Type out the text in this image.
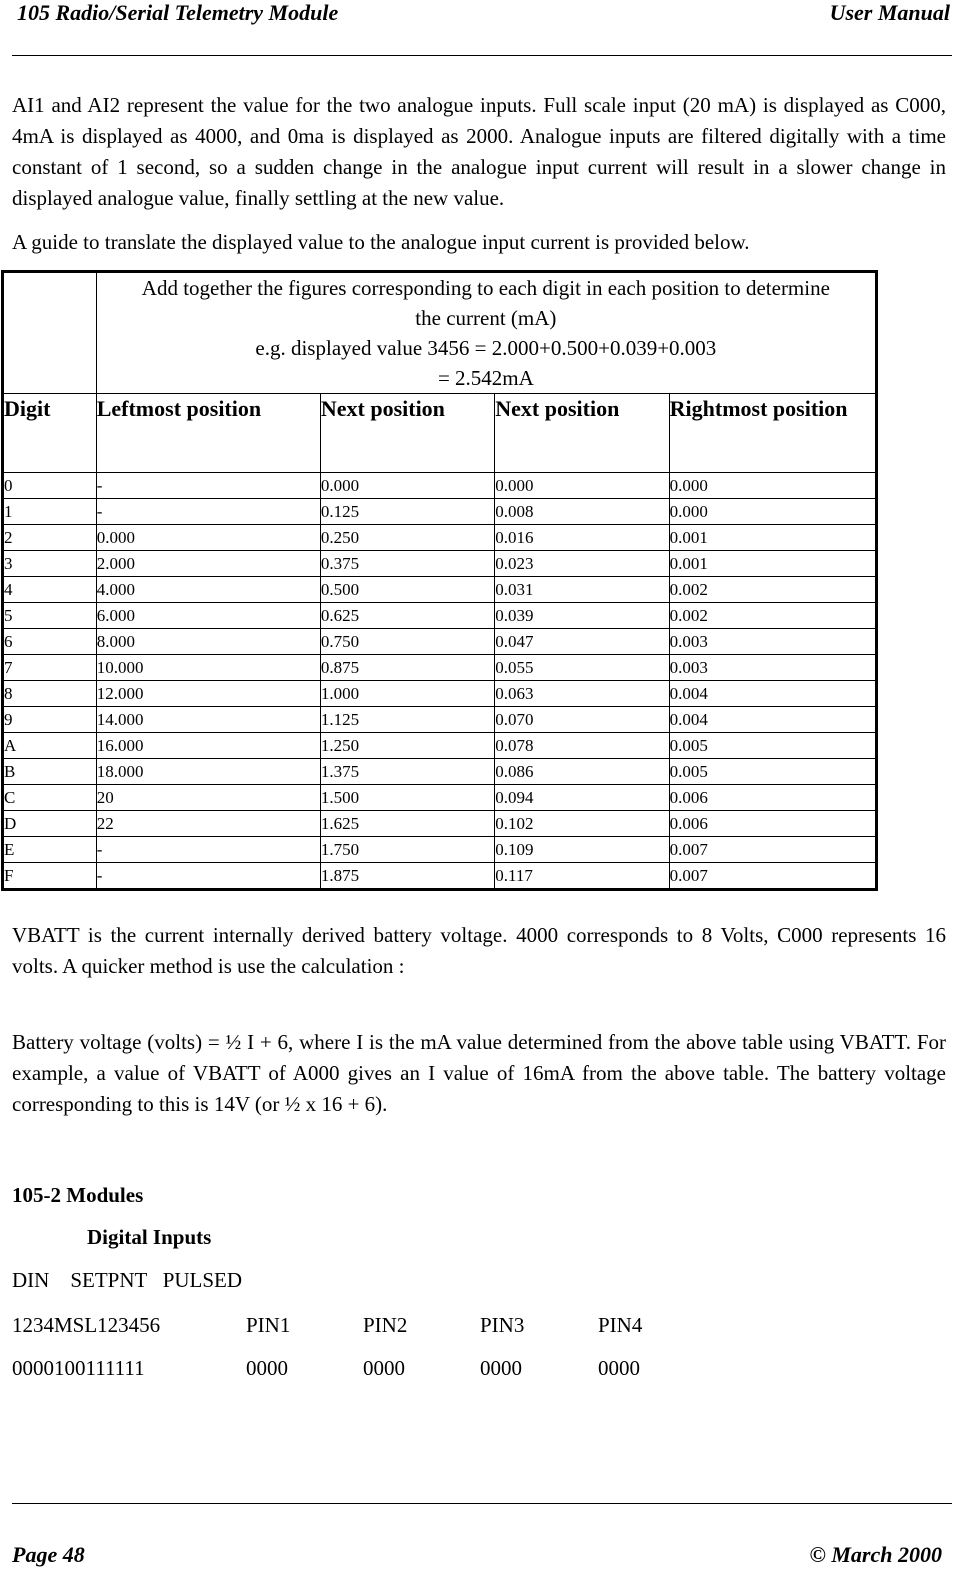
105 Radio/Serial Telemetry Module	User Manual

AI1 and AI2 represent the value for the two analogue inputs. Full scale input (20 mA) is displayed as C000, 4mA is displayed as 4000, and 0ma is displayed as 2000. Analogue inputs are filtered digitally with a time constant of 1 second, so a sudden change in the analogue input current will result in a slower change in displayed analogue value, finally settling at the new value.

A guide to translate the displayed value to the analogue input current is provided below.

	Add together the figures corresponding to each digit in each position to determine
the current (mA)
e.g. displayed value 3456 = 2.000+0.500+0.039+0.003
= 2.542mA			

Digit	Leftmost position	Next position	Next position	Rightmost position
0	-	0.000	0.000	0.000
1	-	0.125	0.008	0.000
2	0.000	0.250	0.016	0.001
3	2.000	0.375	0.023	0.001
4	4.000	0.500	0.031	0.002
5	6.000	0.625	0.039	0.002
6	8.000	0.750	0.047	0.003
7	10.000	0.875	0.055	0.003
8	12.000	1.000	0.063	0.004
9	14.000	1.125	0.070	0.004
A	16.000	1.250	0.078	0.005
B	18.000	1.375	0.086	0.005
C	20	1.500	0.094	0.006
D	22	1.625	0.102	0.006
E	-	1.750	0.109	0.007
F	-	1.875	0.117	0.007

VBATT is the current internally derived battery voltage. 4000 corresponds to 8 Volts, C000 represents 16 volts. A quicker method is use the calculation :

Battery voltage (volts) = ½ I + 6, where I is the mA value determined from the above table using VBATT. For example, a value of VBATT of A000 gives an I value of 16mA from the above table. The battery voltage corresponding to this is 14V (or ½ x 16 + 6).

105-2 Modules

Digital Inputs

DIN    SETPNT   PULSED

1234MSL123456	PIN1	PIN2	PIN3	PIN4
0000100111111	0000	0000	0000	0000
Page 48	© March 2000
